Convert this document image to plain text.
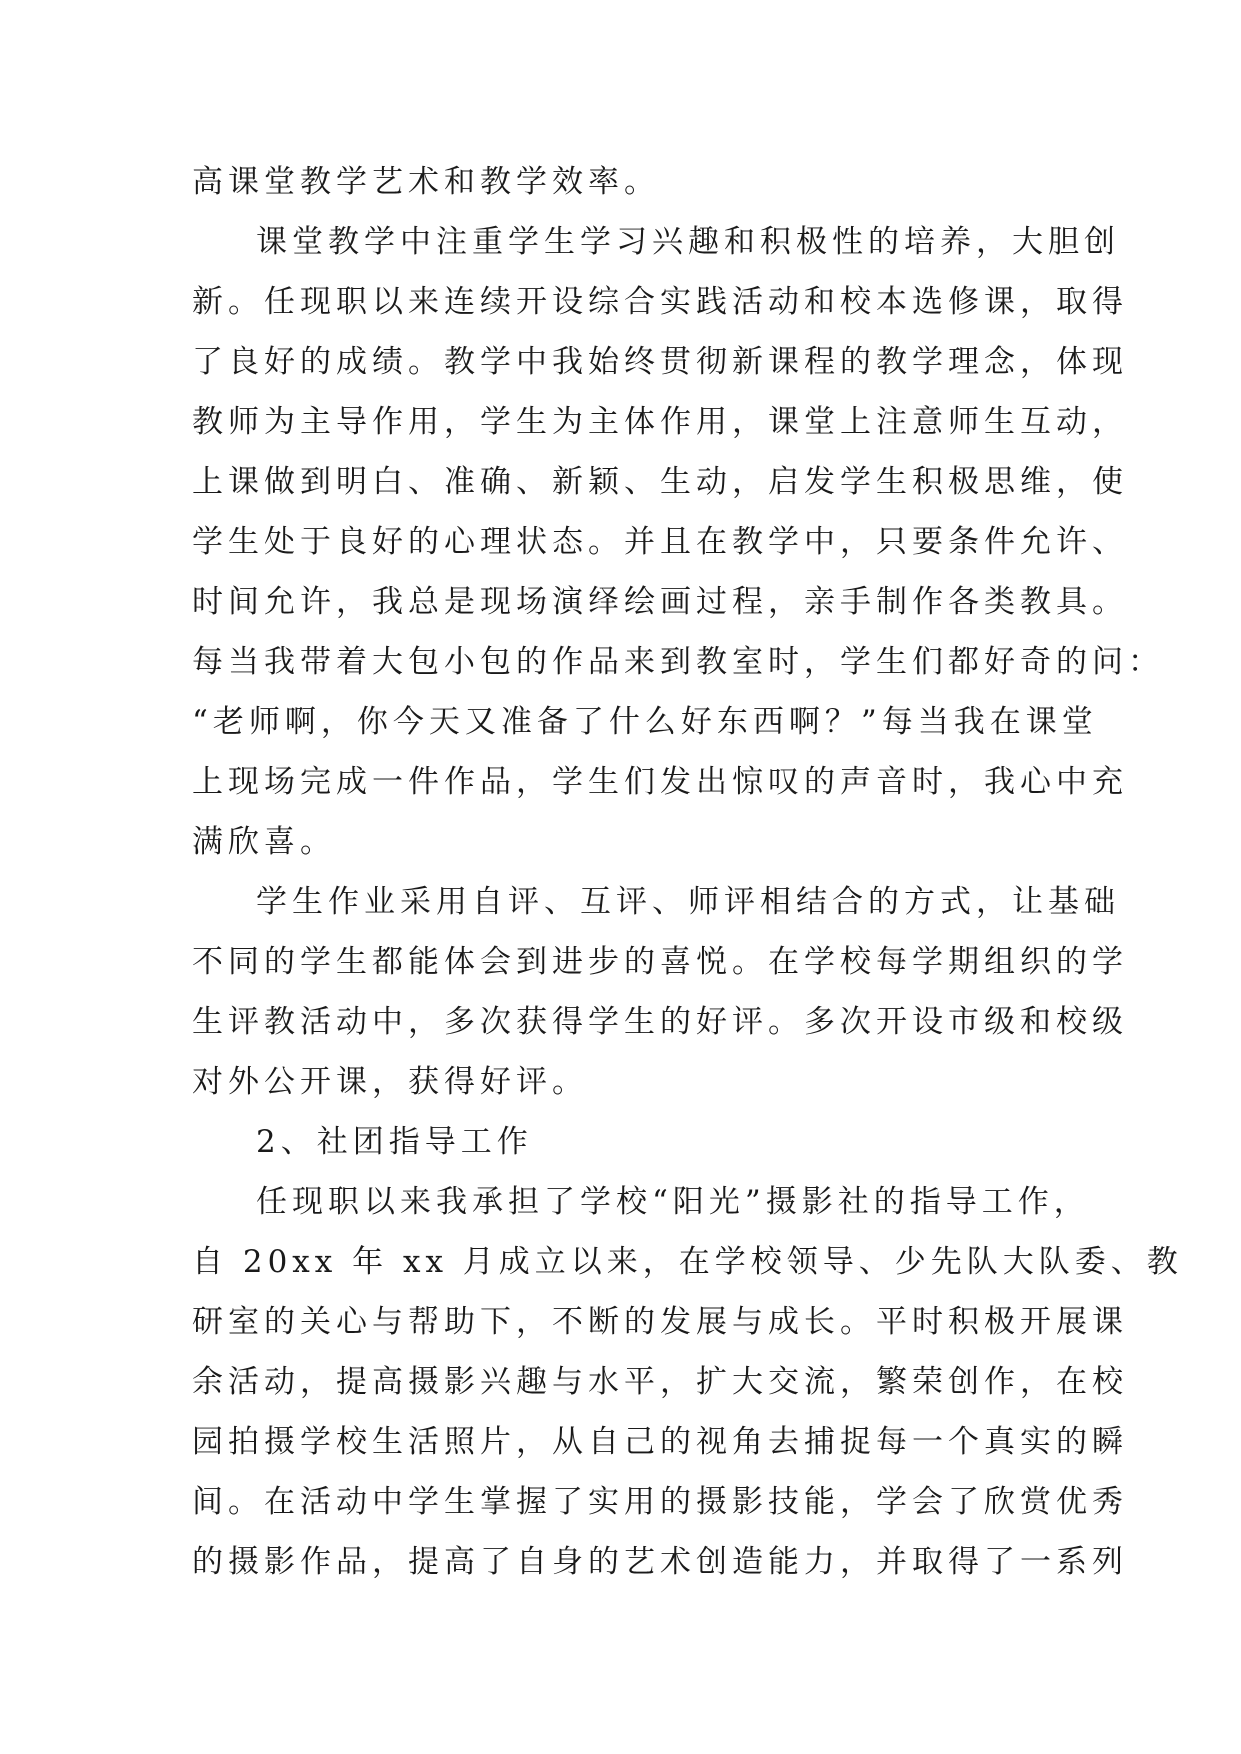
高课堂教学艺术和教学效率。
课堂教学中注重学生学习兴趣和积极性的培养，大胆创
新。任现职以来连续开设综合实践活动和校本选修课，取得
了良好的成绩。教学中我始终贯彻新课程的教学理念，体现
教师为主导作用，学生为主体作用，课堂上注意师生互动，
上课做到明白、准确、新颖、生动，启发学生积极思维，使
学生处于良好的心理状态。并且在教学中，只要条件允许、
时间允许，我总是现场演绎绘画过程，亲手制作各类教具。
每当我带着大包小包的作品来到教室时，学生们都好奇的问：
“老师啊，你今天又准备了什么好东西啊？”每当我在课堂
上现场完成一件作品，学生们发出惊叹的声音时，我心中充
满欣喜。
学生作业采用自评、互评、师评相结合的方式，让基础
不同的学生都能体会到进步的喜悦。在学校每学期组织的学
生评教活动中，多次获得学生的好评。多次开设市级和校级
对外公开课，获得好评。
2、社团指导工作
任现职以来我承担了学校“阳光”摄影社的指导工作，
自 20xx 年 xx 月成立以来，在学校领导、少先队大队委、教
研室的关心与帮助下，不断的发展与成长。平时积极开展课
余活动，提高摄影兴趣与水平，扩大交流，繁荣创作，在校
园拍摄学校生活照片，从自己的视角去捕捉每一个真实的瞬
间。在活动中学生掌握了实用的摄影技能，学会了欣赏优秀
的摄影作品，提高了自身的艺术创造能力，并取得了一系列
